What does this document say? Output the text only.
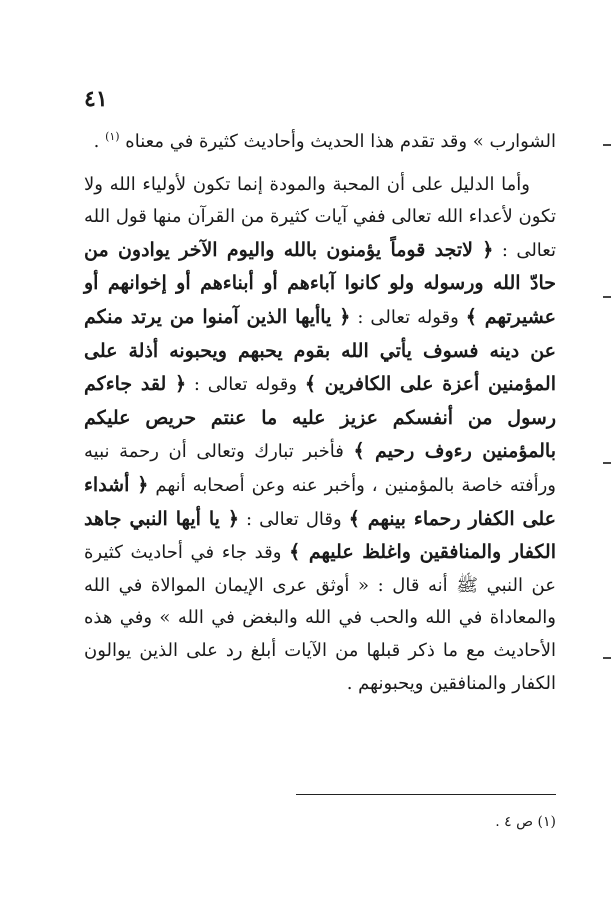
٤١

الشوارب » وقد تقدم هذا الحديث وأحاديث كثيرة في معناه $^{(١)}$ .

وأما الدليل على أن المحبة والمودة إنما تكون لأولياء الله ولا تكون لأعداء الله تعالى ففي آيات كثيرة من القرآن منها قول الله تعالى : ﴿ لاتجد قوماً يؤمنون بالله واليوم الآخر يوادون من حادّ الله ورسوله ولو كانوا آباءهم أو أبناءهم أو إخوانهم أو عشيرتهم ﴾ وقوله تعالى : ﴿ ياأيها الذين آمنوا من يرتد منكم عن دينه فسوف يأتي الله بقوم يحبهم ويحبونه أذلة على المؤمنين أعزة على الكافرين ﴾ وقوله تعالى : ﴿ لقد جاءكم رسول من أنفسكم عزيز عليه ما عنتم حريص عليكم بالمؤمنين رءوف رحيم ﴾ فأخبر تبارك وتعالى أن رحمة نبيه ورأفته خاصة بالمؤمنين ، وأخبر عنه وعن أصحابه أنهم ﴿ أشداء على الكفار رحماء بينهم ﴾ وقال تعالى : ﴿ يا أيها النبي جاهد الكفار والمنافقين واغلظ عليهم ﴾ وقد جاء في أحاديث كثيرة عن النبي ﷺ أنه قال : « أوثق عرى الإيمان الموالاة في الله والمعاداة في الله والحب في الله والبغض في الله » وفي هذه الأحاديث مع ما ذكر قبلها من الآيات أبلغ رد على الذين يوالون الكفار والمنافقين ويحبونهم .

(١) ص ٤ .
